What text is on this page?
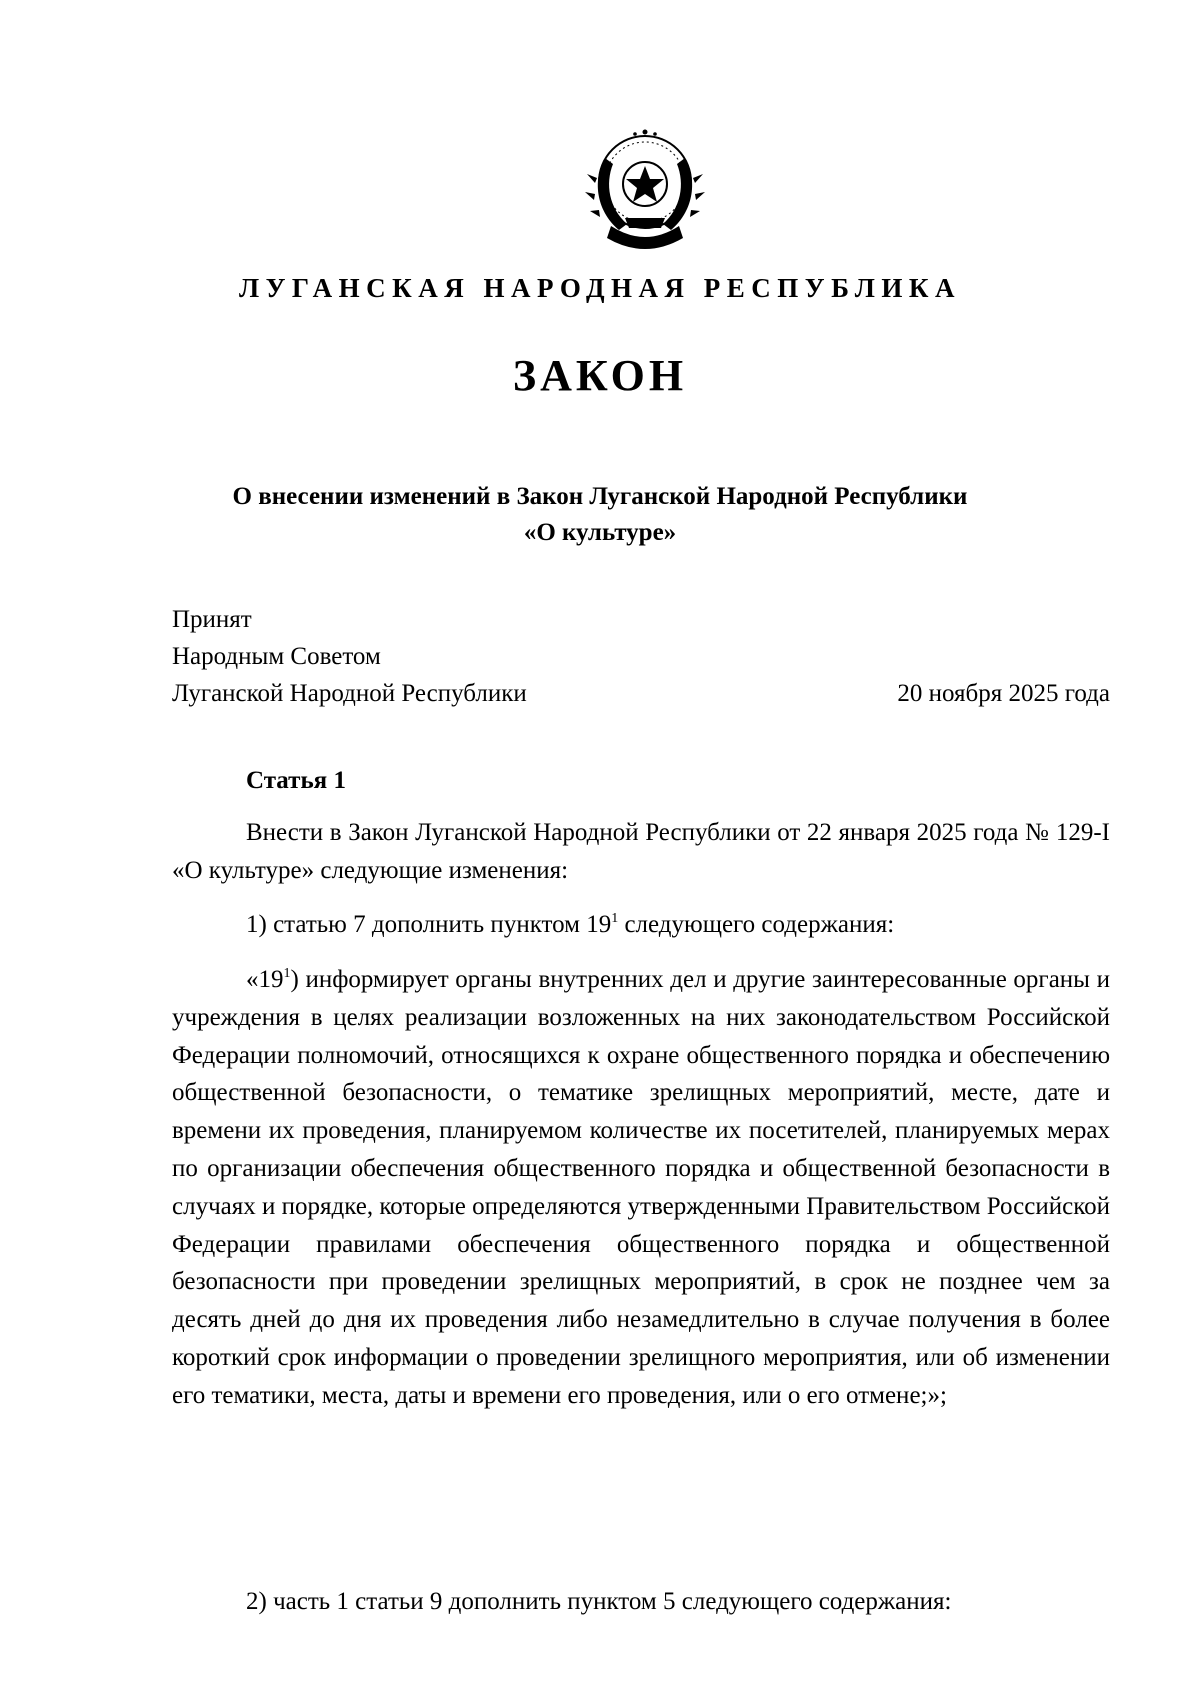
ЛУГАНСКАЯ НАРОДНАЯ РЕСПУБЛИКА
ЗАКОН
О внесении изменений в Закон Луганской Народной Республики
«О культуре»
Принят
Народным Советом
Луганской Народной Республики	20 ноября 2025 года
Статья 1
Внести в Закон Луганской Народной Республики от 22 января 2025 года № 129-I «О культуре» следующие изменения:
1) статью 7 дополнить пунктом $19^1$ следующего содержания:
«$19^1$) информирует органы внутренних дел и другие заинтересованные органы и учреждения в целях реализации возложенных на них законодательством Российской Федерации полномочий, относящихся к охране общественного порядка и обеспечению общественной безопасности, о тематике зрелищных мероприятий, месте, дате и времени их проведения, планируемом количестве их посетителей, планируемых мерах по организации обеспечения общественного порядка и общественной безопасности в случаях и порядке, которые определяются утвержденными Правительством Российской Федерации правилами обеспечения общественного порядка и общественной безопасности при проведении зрелищных мероприятий, в срок не позднее чем за десять дней до дня их проведения либо незамедлительно в случае получения в более короткий срок информации о проведении зрелищного мероприятия, или об изменении его тематики, места, даты и времени его проведения, или о его отмене;»;
2) часть 1 статьи 9 дополнить пунктом 5 следующего содержания:
